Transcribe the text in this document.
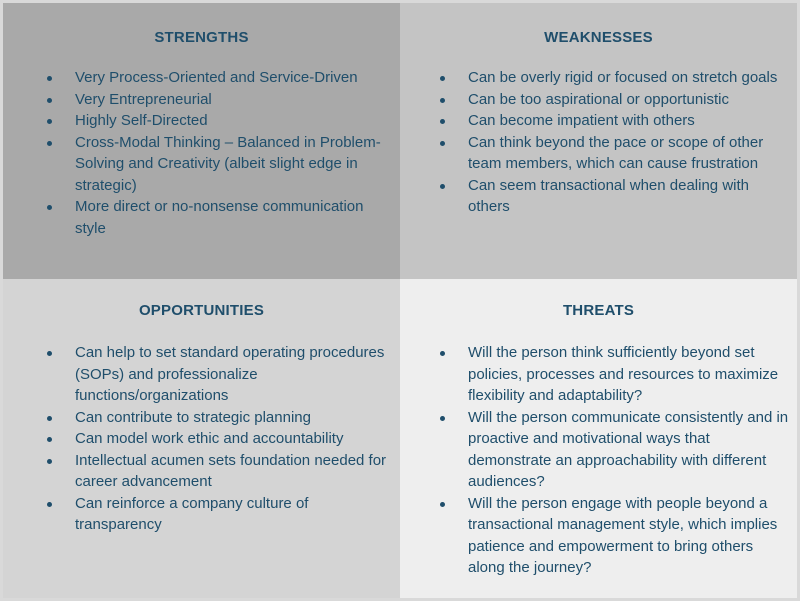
STRENGTHS
Very Process-Oriented and Service-Driven
Very Entrepreneurial
Highly Self-Directed
Cross-Modal Thinking – Balanced in Problem-Solving and Creativity (albeit slight edge in strategic)
More direct or no-nonsense communication style
WEAKNESSES
Can be overly rigid or focused on stretch goals
Can be too aspirational or opportunistic
Can become impatient with others
Can think beyond the pace or scope of other team members, which can cause frustration
Can seem transactional when dealing with others
OPPORTUNITIES
Can help to set standard operating procedures (SOPs) and professionalize functions/organizations
Can contribute to strategic planning
Can model work ethic and accountability
Intellectual acumen sets foundation needed for career advancement
Can reinforce a company culture of transparency
THREATS
Will the person think sufficiently beyond set policies, processes and resources to maximize flexibility and adaptability?
Will the person communicate consistently and in proactive and motivational ways that demonstrate an approachability with different audiences?
Will the person engage with people beyond a transactional management style, which implies patience and empowerment to bring others along the journey?
